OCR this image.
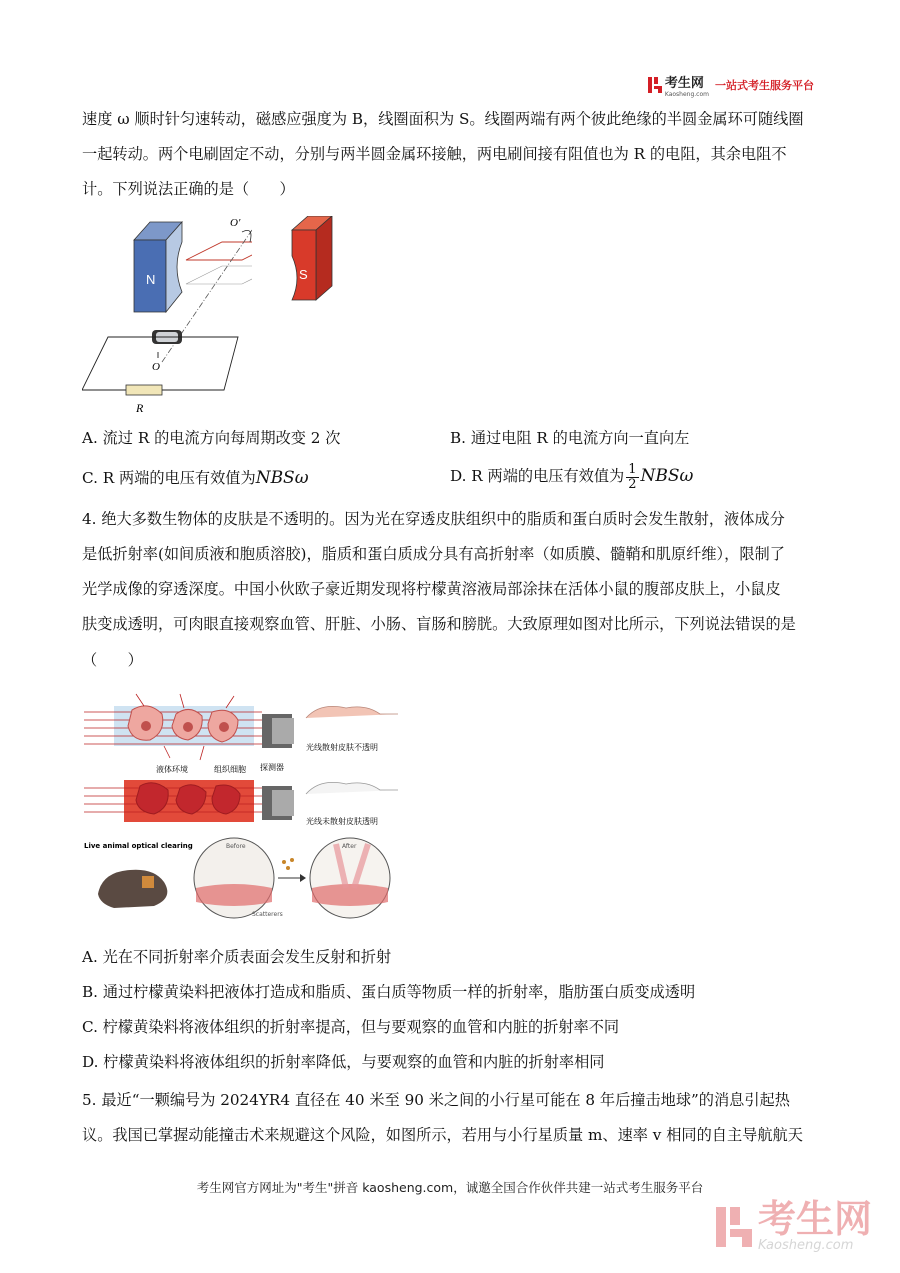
考生网
Kaosheng.com
一站式考生服务平台
速度 ω 顺时针匀速转动，磁感应强度为 B，线圈面积为 S。线圈两端有两个彼此绝缘的半圆金属环可随线圈
一起转动。两个电刷固定不动，分别与两半圆金属环接触，两电刷间接有阻值也为 R 的电阻，其余电阻不
计。下列说法正确的是（　　）
N
O′
O
R
S
A. 流过 R 的电流方向每周期改变 2 次	B. 通过电阻 R 的电流方向一直向左
C. R 两端的电压有效值为NBSω	D. R 两端的电压有效值为 $\frac{1}{2}$ NBSω
4. 绝大多数生物体的皮肤是不透明的。因为光在穿透皮肤组织中的脂质和蛋白质时会发生散射，液体成分
是低折射率(如间质液和胞质溶胶)，脂质和蛋白质成分具有高折射率（如质膜、髓鞘和肌原纤维），限制了
光学成像的穿透深度。中国小伙欧子豪近期发现将柠檬黄溶液局部涂抹在活体小鼠的腹部皮肤上，小鼠皮
肤变成透明，可肉眼直接观察血管、肝脏、小肠、盲肠和膀胱。大致原理如图对比所示，下列说法错误的是
（　　）
液体环境	组织细胞 探测器
光线散射皮肤不透明
光线未散射皮肤透明
Live animal optical clearing	Before	After
Scatterers
A. 光在不同折射率介质表面会发生反射和折射
B. 通过柠檬黄染料把液体打造成和脂质、蛋白质等物质一样的折射率，脂肪蛋白质变成透明
C. 柠檬黄染料将液体组织的折射率提高，但与要观察的血管和内脏的折射率不同
D. 柠檬黄染料将液体组织的折射率降低，与要观察的血管和内脏的折射率相同
5. 最近“一颗编号为 2024YR4 直径在 40 米至 90 米之间的小行星可能在 8 年后撞击地球”的消息引起热
议。我国已掌握动能撞击术来规避这个风险，如图所示，若用与小行星质量 m、速率 v 相同的自主导航航天
考生网官方网址为"考生"拼音 kaosheng.com，诚邀全国合作伙伴共建一站式考生服务平台
考生网
Kaosheng.com
